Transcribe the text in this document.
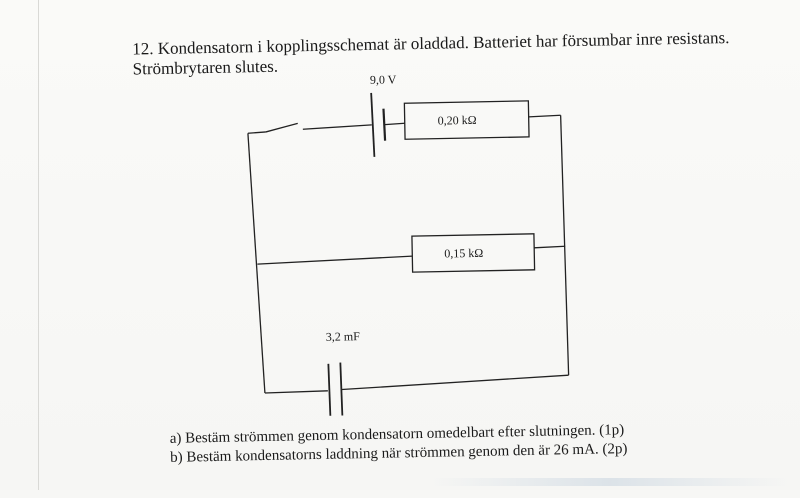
12. Kondensatorn i kopplingsschemat är oladdad. Batteriet har försumbar inre resistans.
Strömbrytaren slutes.
9,0 V
0,20 kΩ
0,15 kΩ
3,2 mF
a) Bestäm strömmen genom kondensatorn omedelbart efter slutningen. (1p)
b) Bestäm kondensatorns laddning när strömmen genom den är 26 mA. (2p)
